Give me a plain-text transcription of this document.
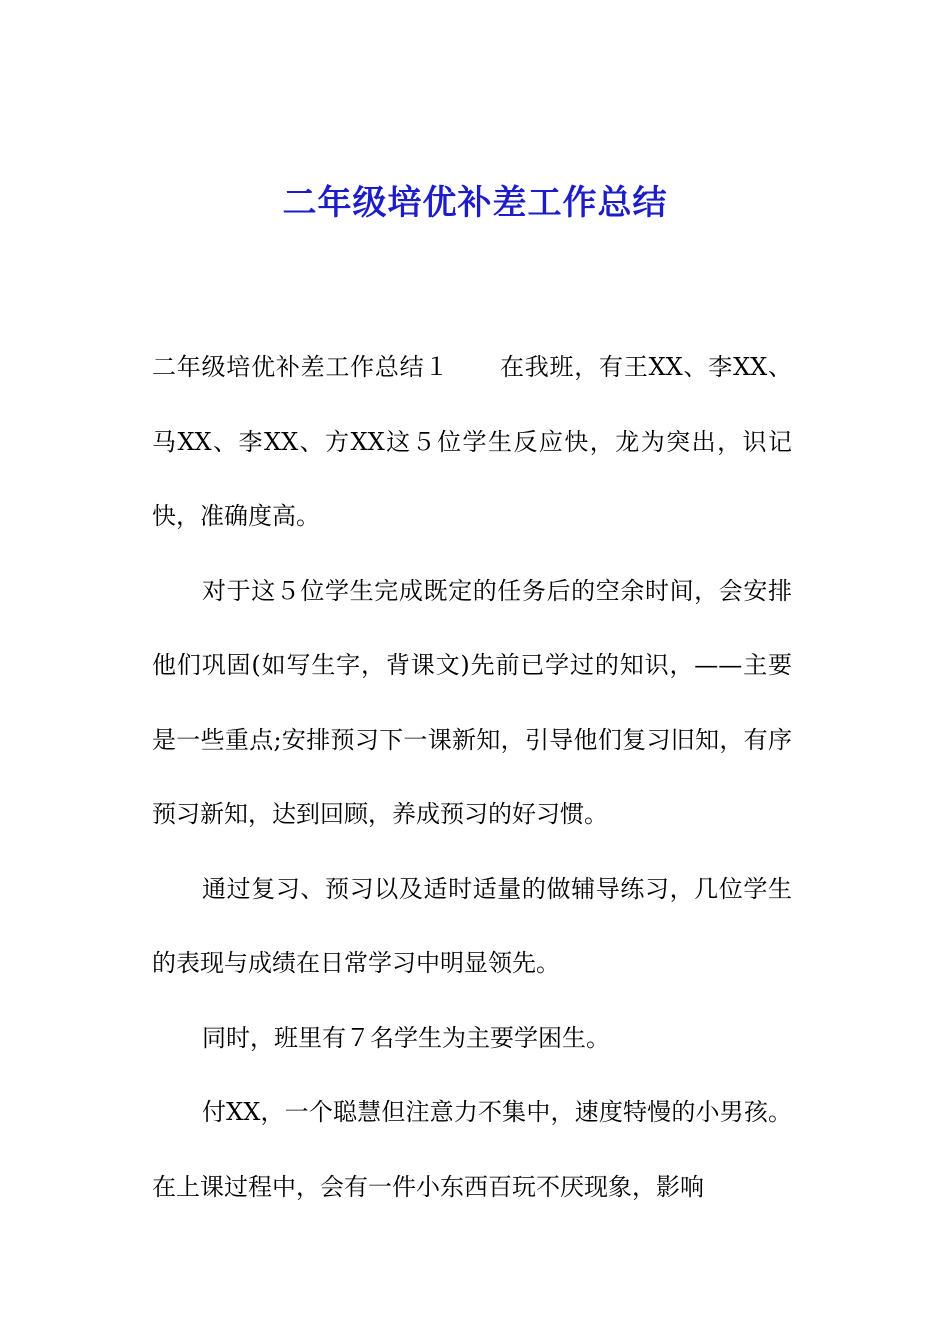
二年级培优补差工作总结

二年级培优补差工作总结１ 在我班，有王XX、李XX、马XX、李XX、方XX这５位学生反应快，龙为突出，识记快，准确度高。

对于这５位学生完成既定的任务后的空余时间，会安排他们巩固(如写生字，背课文)先前已学过的知识，——主要是一些重点;安排预习下一课新知，引导他们复习旧知，有序预习新知，达到回顾，养成预习的好习惯。

通过复习、预习以及适时适量的做辅导练习，几位学生的表现与成绩在日常学习中明显领先。

同时，班里有７名学生为主要学困生。

付XX，一个聪慧但注意力不集中，速度特慢的小男孩。在上课过程中，会有一件小东西百玩不厌现象，影响
